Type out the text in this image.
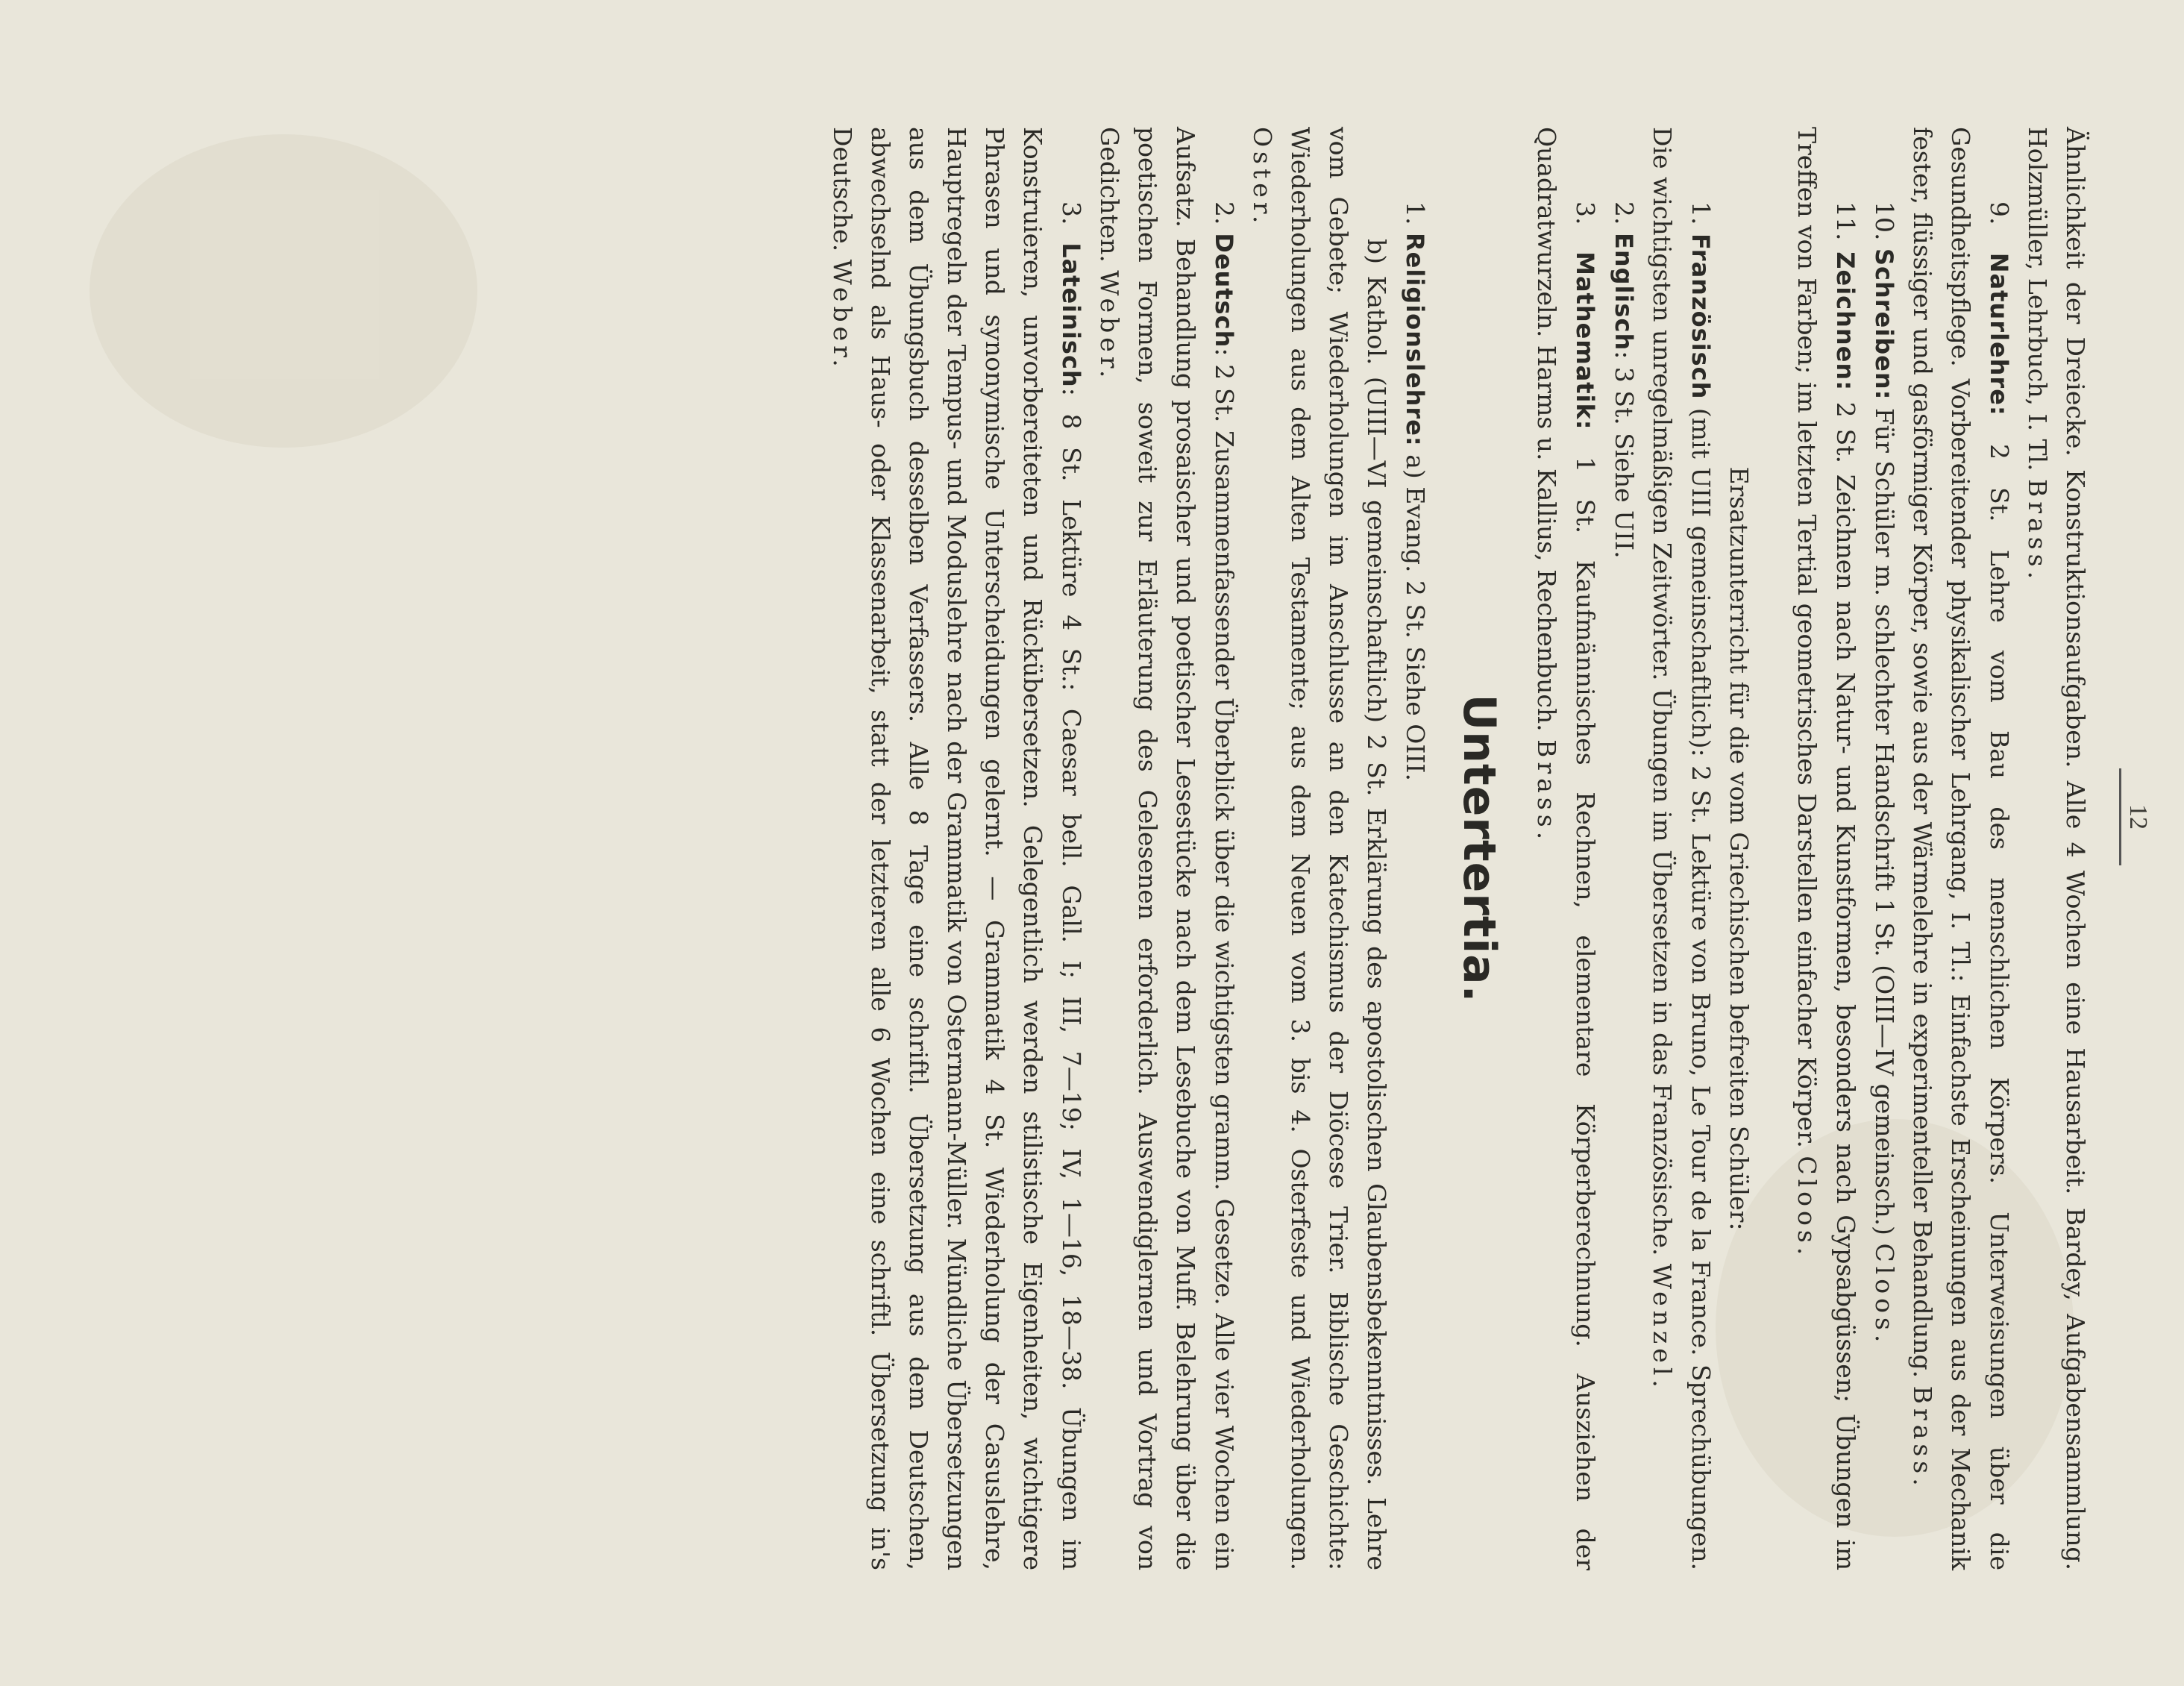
12

Ähnlichkeit der Dreiecke. Konstruktionsaufgaben. Alle 4 Wochen eine Hausarbeit. Bardey, Aufgabensammlung. Holzmüller, Lehrbuch, I. Tl. Brass.

9. Naturlehre: 2 St. Lehre vom Bau des menschlichen Körpers. Unterweisungen über die Gesundheitspflege. Vorbereitender physikalischer Lehrgang, I. Tl.: Einfachste Erscheinungen aus der Mechanik fester, flüssiger und gasförmiger Körper, sowie aus der Wärmelehre in experimenteller Behandlung. Brass.

10. Schreiben: Für Schüler m. schlechter Handschrift 1 St. (OIII—IV gemeinsch.) Cloos.

11. Zeichnen: 2 St. Zeichnen nach Natur- und Kunstformen, besonders nach Gypsabgüssen; Übungen im Treffen von Farben; im letzten Tertial geometrisches Darstellen einfacher Körper. Cloos.

Ersatzunterricht für die vom Griechischen befreiten Schüler:

1. Französisch (mit UIII gemeinschaftlich): 2 St. Lektüre von Bruno, Le Tour de la France. Sprechübungen. Die wichtigsten unregelmäßigen Zeitwörter. Übungen im Übersetzen in das Französische. Wenzel.

2. Englisch: 3 St. Siehe UII.

3. Mathematik: 1 St. Kaufmännisches Rechnen, elementare Körperberechnung. Ausziehen der Quadratwurzeln. Harms u. Kallius, Rechenbuch. Brass.

Untertertia.

1. Religionslehre: a) Evang. 2 St. Siehe OIII.

b) Kathol. (UIII—VI gemeinschaftlich) 2 St. Erklärung des apostolischen Glaubensbekenntnisses. Lehre vom Gebete; Wiederholungen im Anschlusse an den Katechismus der Diöcese Trier. Biblische Geschichte: Wiederholungen aus dem Alten Testamente; aus dem Neuen vom 3. bis 4. Osterfeste und Wiederholungen. Oster.

2. Deutsch: 2 St. Zusammenfassender Überblick über die wichtigsten gramm. Gesetze. Alle vier Wochen ein Aufsatz. Behandlung prosaischer und poetischer Lesestücke nach dem Lesebuche von Muff. Belehrung über die poetischen Formen, soweit zur Erläuterung des Gelesenen erforderlich. Auswendiglernen und Vortrag von Gedichten. Weber.

3. Lateinisch: 8 St. Lektüre 4 St.: Caesar bell. Gall. I; III, 7—19; IV, 1—16, 18—38. Übungen im Konstruieren, unvorbereiteten und Rückübersetzen. Gelegentlich werden stilistische Eigenheiten, wichtigere Phrasen und synonymische Unterscheidungen gelernt. — Grammatik 4 St. Wiederholung der Casuslehre, Hauptregeln der Tempus- und Moduslehre nach der Grammatik von Ostermann-Müller. Mündliche Übersetzungen aus dem Übungsbuch desselben Verfassers. Alle 8 Tage eine schriftl. Übersetzung aus dem Deutschen, abwechselnd als Haus- oder Klassenarbeit, statt der letzteren alle 6 Wochen eine schriftl. Übersetzung in's Deutsche. Weber.
